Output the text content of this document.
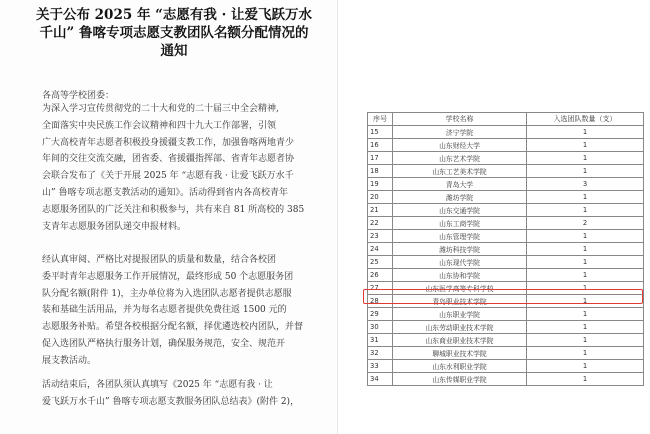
关于公布 2025 年 “志愿有我 · 让爱飞跃万水
千山” 鲁喀专项志愿支教团队名额分配情况的
通知
各高等学校团委：
为深入学习宣传贯彻党的二十大和党的二十届三中全会精神,
全面落实中央民族工作会议精神和四十九大工作部署，引领
广大高校青年志愿者积极投身援疆支教工作，加强鲁喀两地青少
年间的交往交流交融，团省委、省援疆指挥部、省青年志愿者协
会联合发布了《关于开展 2025 年 “志愿有我 · 让爱飞跃万水千
山” 鲁喀专项志愿支教活动的通知》。活动得到省内各高校青年
志愿服务团队的广泛关注和积极参与，共有来自 81 所高校的 385
支青年志愿服务团队递交申报材料。
经认真审阅、严格比对提报团队的质量和数量，结合各校团
委平时青年志愿服务工作开展情况，最终形成 50 个志愿服务团
队分配名额(附件 1)，主办单位将为入选团队志愿者提供志愿服
装和基础生活用品，并为每名志愿者提供免费往返 1500 元的
志愿服务补贴。希望各校根据分配名额，择优遴选校内团队，并督
促入选团队严格执行服务计划，确保服务规范，安全、规范开
展支教活动。
活动结束后，各团队须认真填写《2025 年 “志愿有我 · 让
爱飞跃万水千山” 鲁喀专项志愿支教服务团队总结表》(附件 2)，
序号	学校名称	入选团队数量（支）
15	济宁学院	1
16	山东财经大学	1
17	山东艺术学院	1
18	山东工艺美术学院	1
19	青岛大学	3
20	潍坊学院	1
21	山东交通学院	1
22	山东工商学院	2
23	山东管理学院	1
24	潍坊科技学院	1
25	山东现代学院	1
26	山东协和学院	1
27	山东医学高等专科学校	1
28	青岛职业技术学院	1
29	山东职业学院	1
30	山东劳动职业技术学院	1
31	山东商业职业技术学院	1
32	聊城职业技术学院	1
33	山东水利职业学院	1
34	山东传媒职业学院	1
